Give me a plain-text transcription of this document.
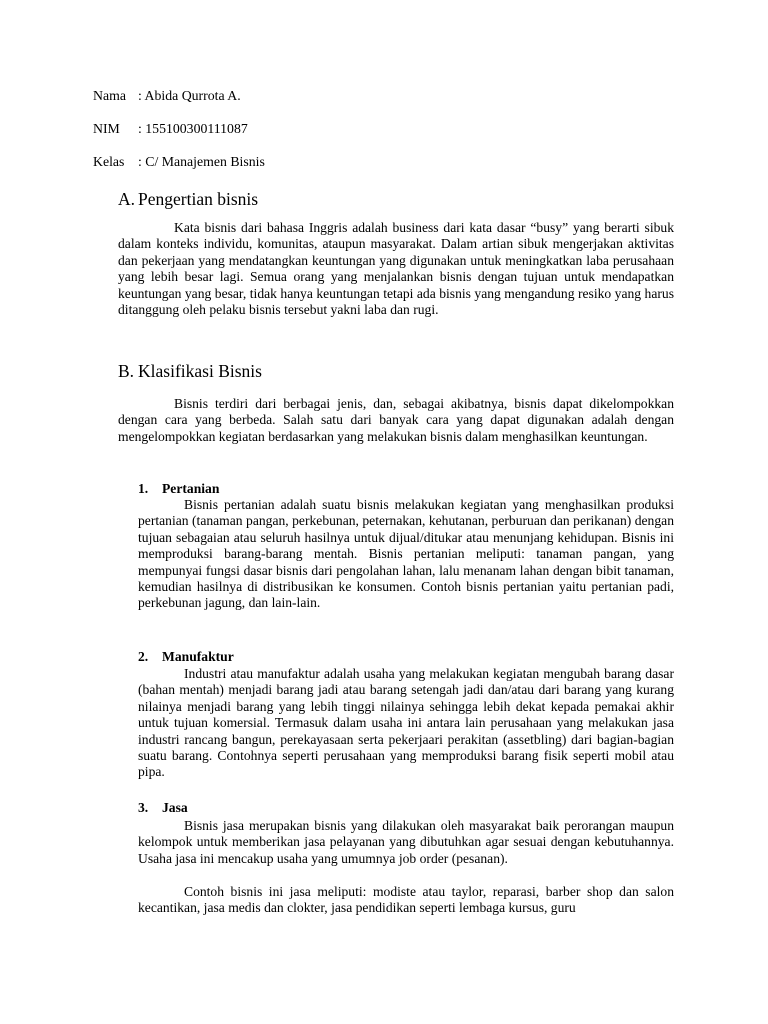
Nama : Abida Qurrota A.
NIM : 155100300111087
Kelas : C/ Manajemen Bisnis
A. Pengertian bisnis

Kata bisnis dari bahasa Inggris adalah business dari kata dasar “busy” yang berarti sibuk dalam konteks individu, komunitas, ataupun masyarakat. Dalam artian sibuk mengerjakan aktivitas dan pekerjaan yang mendatangkan keuntungan yang digunakan untuk meningkatkan laba perusahaan yang lebih besar lagi. Semua orang yang menjalankan bisnis dengan tujuan untuk mendapatkan keuntungan yang besar, tidak hanya keuntungan tetapi ada bisnis yang mengandung resiko yang harus ditanggung oleh pelaku bisnis tersebut yakni laba dan rugi.

B. Klasifikasi Bisnis

Bisnis terdiri dari berbagai jenis, dan, sebagai akibatnya, bisnis dapat dikelompokkan dengan cara yang berbeda. Salah satu dari banyak cara yang dapat digunakan adalah dengan mengelompokkan kegiatan berdasarkan yang melakukan bisnis dalam menghasilkan keuntungan.

1. Pertanian

Bisnis pertanian adalah suatu bisnis melakukan kegiatan yang menghasilkan produksi pertanian (tanaman pangan, perkebunan, peternakan, kehutanan, perburuan dan perikanan) dengan tujuan sebagaian atau seluruh hasilnya untuk dijual/ditukar atau menunjang kehidupan. Bisnis ini memproduksi barang-barang mentah. Bisnis pertanian meliputi: tanaman pangan, yang mempunyai fungsi dasar bisnis dari pengolahan lahan, lalu menanam lahan dengan bibit tanaman, kemudian hasilnya di distribusikan ke konsumen. Contoh bisnis pertanian yaitu pertanian padi, perkebunan jagung, dan lain-lain.

2. Manufaktur

Industri atau manufaktur adalah usaha yang melakukan kegiatan mengubah barang dasar (bahan mentah) menjadi barang jadi atau barang setengah jadi dan/atau dari barang yang kurang nilainya menjadi barang yang lebih tinggi nilainya sehingga lebih dekat kepada pemakai akhir untuk tujuan komersial. Termasuk dalam usaha ini antara lain perusahaan yang melakukan jasa industri rancang bangun, perekayasaan serta pekerjaari perakitan (assetbling) dari bagian-bagian suatu barang. Contohnya seperti perusahaan yang memproduksi barang fisik seperti mobil atau pipa.

3. Jasa

Bisnis jasa merupakan bisnis yang dilakukan oleh masyarakat baik perorangan maupun kelompok untuk memberikan jasa pelayanan yang dibutuhkan agar sesuai dengan kebutuhannya. Usaha jasa ini mencakup usaha yang umumnya job order (pesanan).

Contoh bisnis ini jasa meliputi: modiste atau taylor, reparasi, barber shop dan salon kecantikan, jasa medis dan clokter, jasa pendidikan seperti lembaga kursus, guru
